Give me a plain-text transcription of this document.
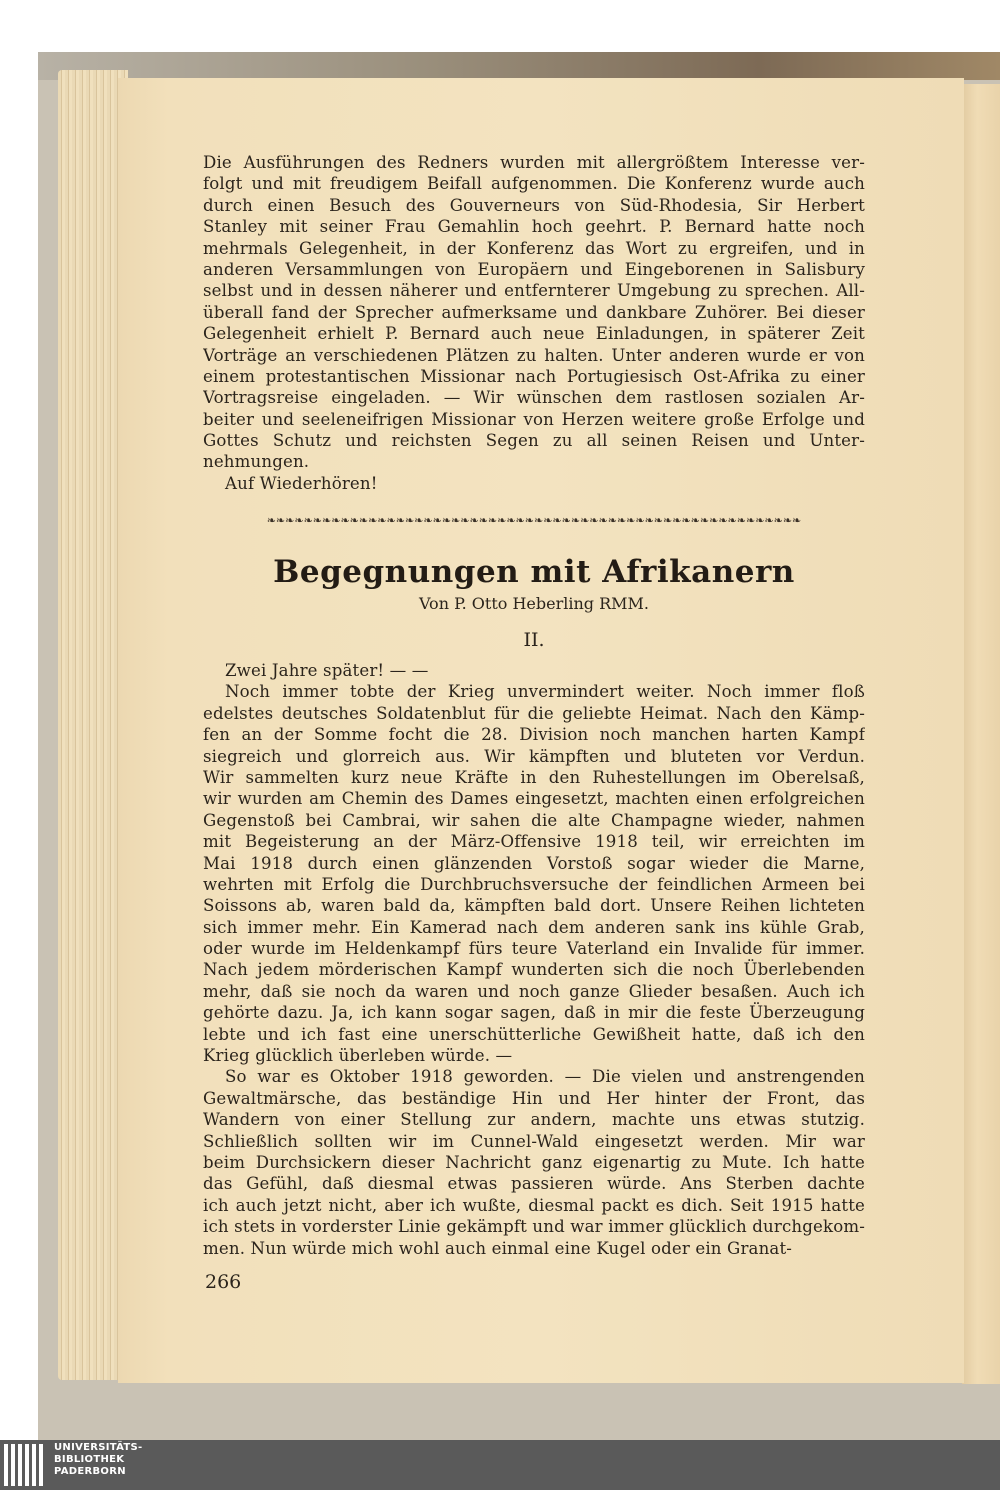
Die Ausführungen des Redners wurden mit allergrößtem Interesse ver-
folgt und mit freudigem Beifall aufgenommen. Die Konferenz wurde auch
durch einen Besuch des Gouverneurs von Süd-Rhodesia, Sir Herbert
Stanley mit seiner Frau Gemahlin hoch geehrt. P. Bernard hatte noch
mehrmals Gelegenheit, in der Konferenz das Wort zu ergreifen, und in
anderen Versammlungen von Europäern und Eingeborenen in Salisbury
selbst und in dessen näherer und entfernterer Umgebung zu sprechen. All-
überall fand der Sprecher aufmerksame und dankbare Zuhörer. Bei dieser
Gelegenheit erhielt P. Bernard auch neue Einladungen, in späterer Zeit
Vorträge an verschiedenen Plätzen zu halten. Unter anderen wurde er von
einem protestantischen Missionar nach Portugiesisch Ost-Afrika zu einer
Vortragsreise eingeladen. — Wir wünschen dem rastlosen sozialen Ar-
beiter und seeleneifrigen Missionar von Herzen weitere große Erfolge und
Gottes Schutz und reichsten Segen zu all seinen Reisen und Unter-
nehmungen.
Auf Wiederhören!
❧❧❧❧❧❧❧❧❧❧❧❧❧❧❧❧❧❧❧❧❧❧❧❧❧❧❧❧❧❧❧❧❧❧❧❧❧❧❧❧❧❧❧❧❧❧❧❧❧❧❧❧❧❧❧❧❧❧
Begegnungen mit Afrikanern
Von P. Otto Heberling RMM.
II.
Zwei Jahre später! — —
Noch immer tobte der Krieg unvermindert weiter. Noch immer floß
edelstes deutsches Soldatenblut für die geliebte Heimat. Nach den Kämp-
fen an der Somme focht die 28. Division noch manchen harten Kampf
siegreich und glorreich aus. Wir kämpften und bluteten vor Verdun.
Wir sammelten kurz neue Kräfte in den Ruhestellungen im Oberelsaß,
wir wurden am Chemin des Dames eingesetzt, machten einen erfolgreichen
Gegenstoß bei Cambrai, wir sahen die alte Champagne wieder, nahmen
mit Begeisterung an der März-Offensive 1918 teil, wir erreichten im
Mai 1918 durch einen glänzenden Vorstoß sogar wieder die Marne,
wehrten mit Erfolg die Durchbruchsversuche der feindlichen Armeen bei
Soissons ab, waren bald da, kämpften bald dort. Unsere Reihen lichteten
sich immer mehr. Ein Kamerad nach dem anderen sank ins kühle Grab,
oder wurde im Heldenkampf fürs teure Vaterland ein Invalide für immer.
Nach jedem mörderischen Kampf wunderten sich die noch Überlebenden
mehr, daß sie noch da waren und noch ganze Glieder besaßen. Auch ich
gehörte dazu. Ja, ich kann sogar sagen, daß in mir die feste Überzeugung
lebte und ich fast eine unerschütterliche Gewißheit hatte, daß ich den
Krieg glücklich überleben würde. —
So war es Oktober 1918 geworden. — Die vielen und anstrengenden
Gewaltmärsche, das beständige Hin und Her hinter der Front, das
Wandern von einer Stellung zur andern, machte uns etwas stutzig.
Schließlich sollten wir im Cunnel-Wald eingesetzt werden. Mir war
beim Durchsickern dieser Nachricht ganz eigenartig zu Mute. Ich hatte
das Gefühl, daß diesmal etwas passieren würde. Ans Sterben dachte
ich auch jetzt nicht, aber ich wußte, diesmal packt es dich. Seit 1915 hatte
ich stets in vorderster Linie gekämpft und war immer glücklich durchgekom-
men. Nun würde mich wohl auch einmal eine Kugel oder ein Granat-
266
UNIVERSITÄTS-
BIBLIOTHEK
PADERBORN
